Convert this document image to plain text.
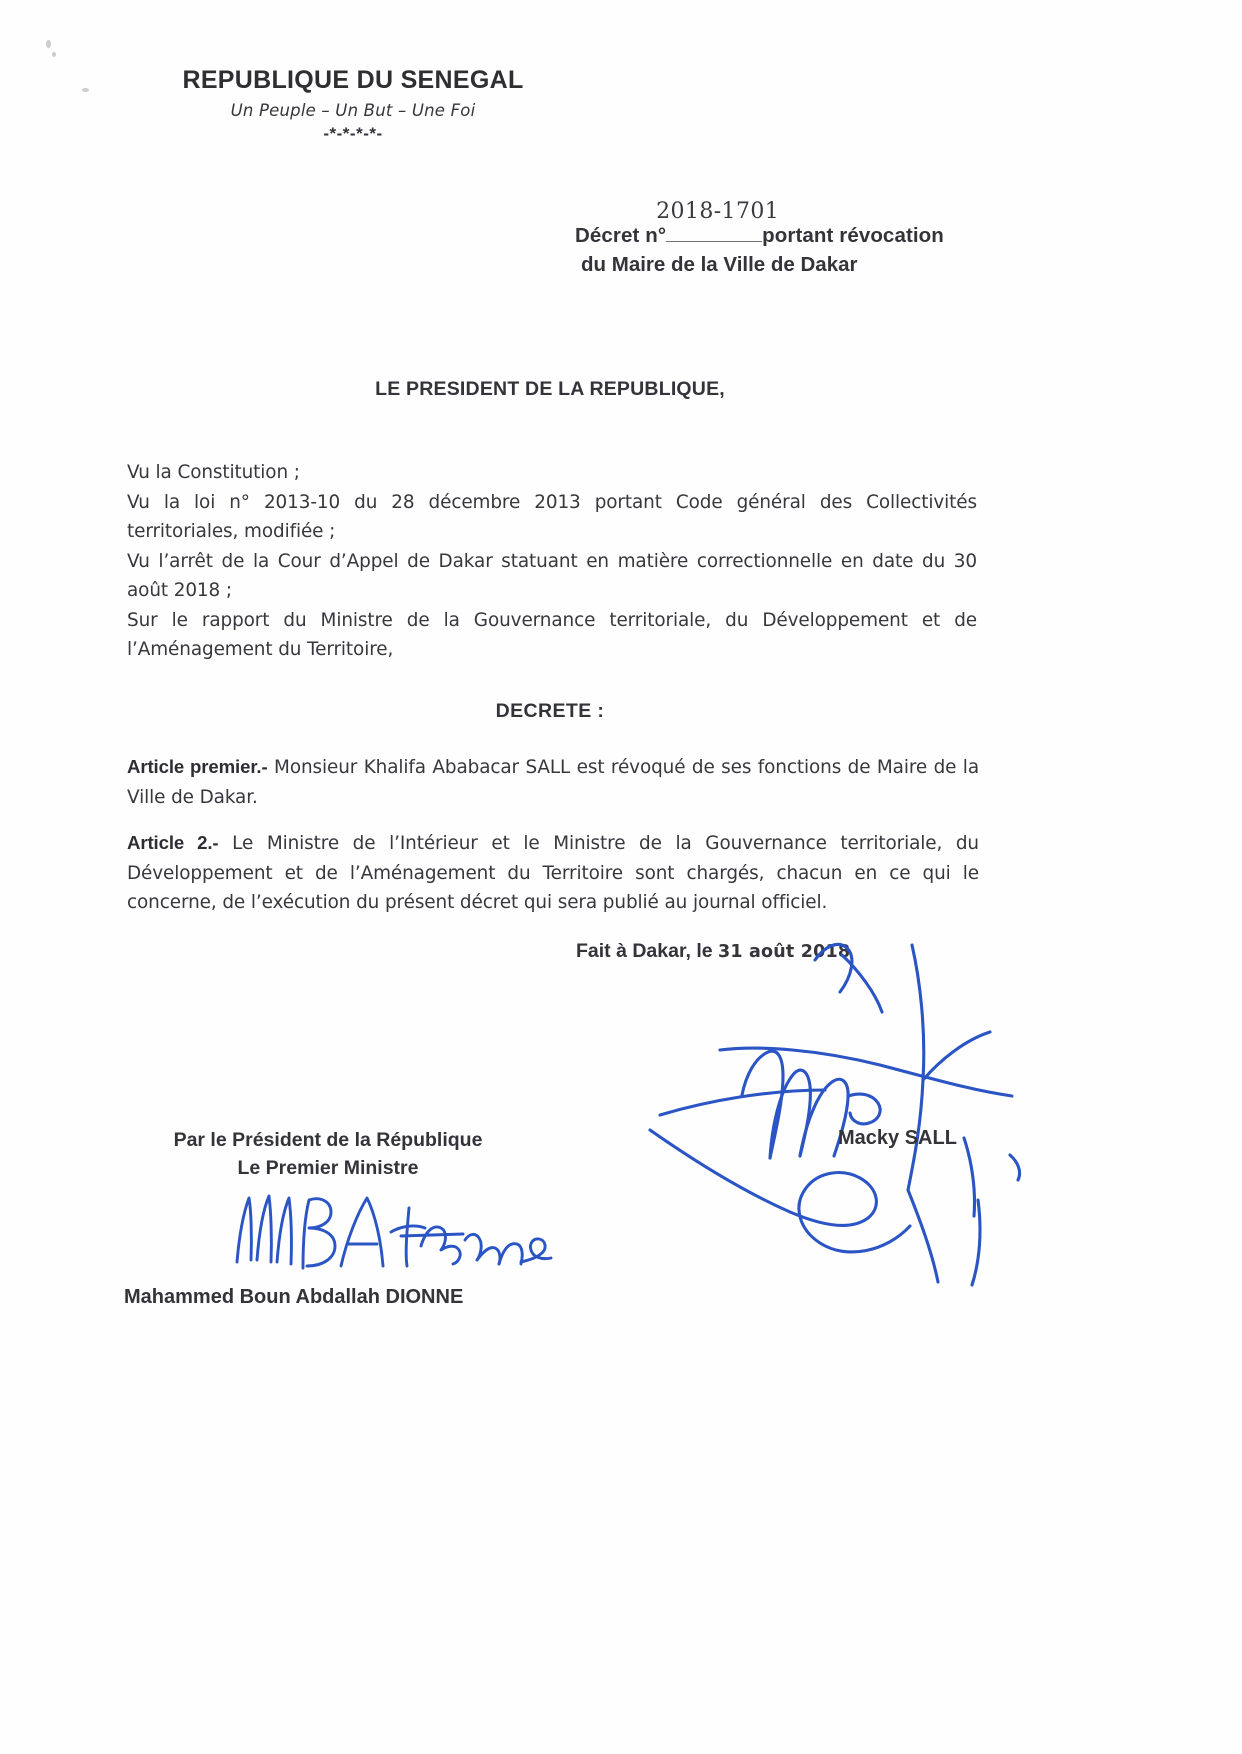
REPUBLIQUE DU SENEGAL
Un Peuple – Un But – Une Foi
-*-*-*-*-
Décret n°
2018-1701
portant révocation
du Maire de la Ville de Dakar
LE PRESIDENT DE LA REPUBLIQUE,
Vu la Constitution ;
Vu la loi n° 2013-10 du 28 décembre 2013 portant Code général des Collectivités territoriales, modifiée ;
Vu l’arrêt de la Cour d’Appel de Dakar statuant en matière correctionnelle en date du 30 août 2018 ;
Sur le rapport du Ministre de la Gouvernance territoriale, du Développement et de l’Aménagement du Territoire,
DECRETE :
Article premier.- Monsieur Khalifa Ababacar SALL est révoqué de ses fonctions de Maire de la Ville de Dakar.
Article 2.- Le Ministre de l’Intérieur et le Ministre de la Gouvernance territoriale, du Développement et de l’Aménagement du Territoire sont chargés, chacun en ce qui le concerne, de l’exécution du présent décret qui sera publié au journal officiel.
Fait à Dakar, le 31 août 2018
Par le Président de la République
Le Premier Ministre
Mahammed Boun Abdallah DIONNE
Macky SALL
